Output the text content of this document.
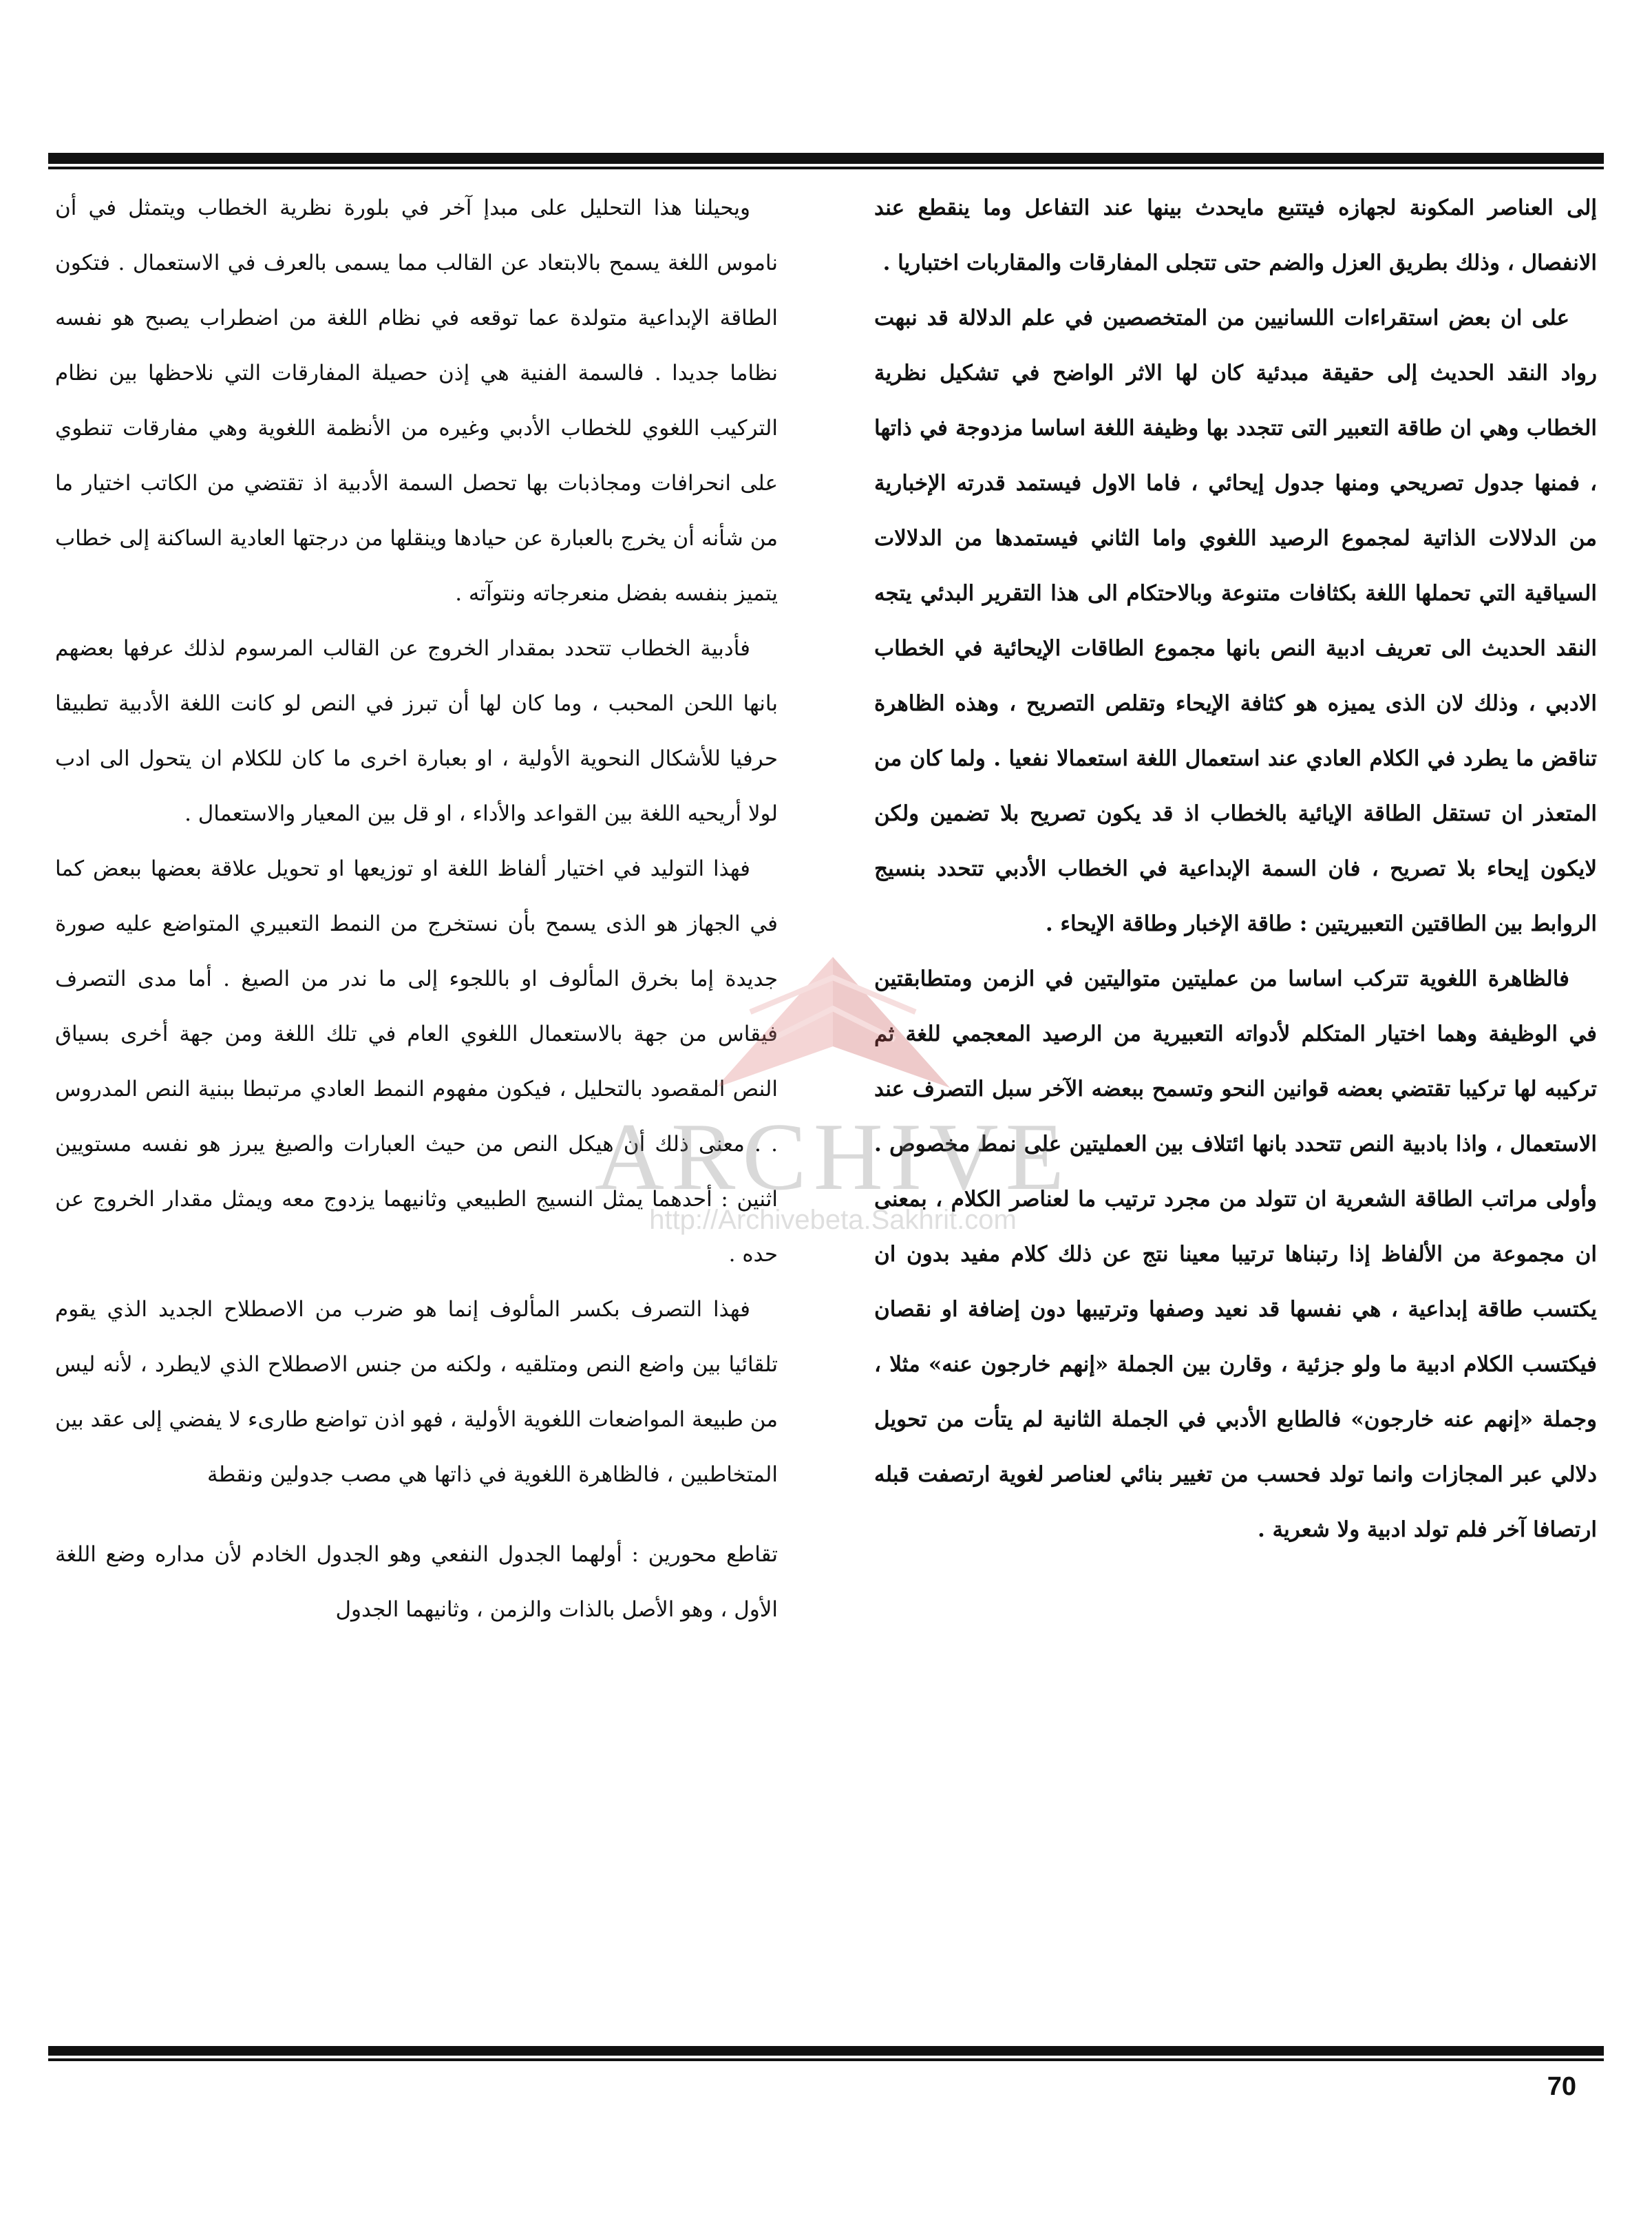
إلى العناصر المكونة لجهازه فيتتبع مايحدث بينها عند التفاعل وما ينقطع عند الانفصال ، وذلك بطريق العزل والضم حتى تتجلى المفارقات والمقاربات اختباريا .

على ان بعض استقراءات اللسانيين من المتخصصين في علم الدلالة قد نبهت رواد النقد الحديث إلى حقيقة مبدئية كان لها الاثر الواضح في تشكيل نظرية الخطاب وهي ان طاقة التعبير التى تتجدد بها وظيفة اللغة اساسا مزدوجة في ذاتها ، فمنها جدول تصريحي ومنها جدول إيحائي ، فاما الاول فيستمد قدرته الإخبارية من الدلالات الذاتية لمجموع الرصيد اللغوي واما الثاني فيستمدها من الدلالات السياقية التي تحملها اللغة بكثافات متنوعة وبالاحتكام الى هذا التقرير البدئي يتجه النقد الحديث الى تعريف ادبية النص بانها مجموع الطاقات الإيحائية في الخطاب الادبي ، وذلك لان الذى يميزه هو كثافة الإيحاء وتقلص التصريح ، وهذه الظاهرة تناقض ما يطرد في الكلام العادي عند استعمال اللغة استعمالا نفعيا . ولما كان من المتعذر ان تستقل الطاقة الإيائية بالخطاب اذ قد يكون تصريح بلا تضمين ولكن لايكون إيحاء بلا تصريح ، فان السمة الإبداعية في الخطاب الأدبي تتحدد بنسيج الروابط بين الطاقتين التعبيريتين : طاقة الإخبار وطاقة الإيحاء .

فالظاهرة اللغوية تتركب اساسا من عمليتين متواليتين في الزمن ومتطابقتين في الوظيفة وهما اختيار المتكلم لأدواته التعبيرية من الرصيد المعجمي للغة ثم تركيبه لها تركيبا تقتضي بعضه قوانين النحو وتسمح ببعضه الآخر سبل التصرف عند الاستعمال ، واذا بادبية النص تتحدد بانها ائتلاف بين العمليتين على نمط مخصوص . وأولى مراتب الطاقة الشعرية ان تتولد من مجرد ترتيب ما لعناصر الكلام ، بمعنى ان مجموعة من الألفاظ إذا رتبناها ترتيبا معينا نتج عن ذلك كلام مفيد بدون ان يكتسب طاقة إبداعية ، هي نفسها قد نعيد وصفها وترتيبها دون إضافة او نقصان فيكتسب الكلام ادبية ما ولو جزئية ، وقارن بين الجملة «إنهم خارجون عنه» مثلا ، وجملة «إنهم عنه خارجون» فالطابع الأدبي في الجملة الثانية لم يتأت من تحويل دلالي عبر المجازات وانما تولد فحسب من تغيير بنائي لعناصر لغوية ارتصفت قبله ارتصافا آخر فلم تولد ادبية ولا شعرية .

ويحيلنا هذا التحليل على مبدإ آخر في بلورة نظرية الخطاب ويتمثل في أن ناموس اللغة يسمح بالابتعاد عن القالب مما يسمى بالعرف في الاستعمال . فتكون الطاقة الإبداعية متولدة عما توقعه في نظام اللغة من اضطراب يصبح هو نفسه نظاما جديدا . فالسمة الفنية هي إذن حصيلة المفارقات التي نلاحظها بين نظام التركيب اللغوي للخطاب الأدبي وغيره من الأنظمة اللغوية وهي مفارقات تنطوي على انحرافات ومجاذبات بها تحصل السمة الأدبية اذ تقتضي من الكاتب اختيار ما من شأنه أن يخرج بالعبارة عن حيادها وينقلها من درجتها العادية الساكنة إلى خطاب يتميز بنفسه بفضل منعرجاته ونتوآته .

فأدبية الخطاب تتحدد بمقدار الخروج عن القالب المرسوم لذلك عرفها بعضهم بانها اللحن المحبب ، وما كان لها أن تبرز في النص لو كانت اللغة الأدبية تطبيقا حرفيا للأشكال النحوية الأولية ، او بعبارة اخرى ما كان للكلام ان يتحول الى ادب لولا أريحيه اللغة بين القواعد والأداء ، او قل بين المعيار والاستعمال .

فهذا التوليد في اختيار ألفاظ اللغة او توزيعها او تحويل علاقة بعضها ببعض كما في الجهاز هو الذى يسمح بأن نستخرج من النمط التعبيري المتواضع عليه صورة جديدة إما بخرق المألوف او باللجوء إلى ما ندر من الصيغ . أما مدى التصرف فيقاس من جهة بالاستعمال اللغوي العام في تلك اللغة ومن جهة أخرى بسياق النص المقصود بالتحليل ، فيكون مفهوم النمط العادي مرتبطا ببنية النص المدروس . . معنى ذلك أن هيكل النص من حيث العبارات والصيغ يبرز هو نفسه مستويين اثنين : أحدهما يمثل النسيج الطبيعي وثانيهما يزدوج معه ويمثل مقدار الخروج عن حده .

فهذا التصرف بكسر المألوف إنما هو ضرب من الاصطلاح الجديد الذي يقوم تلقائيا بين واضع النص ومتلقيه ، ولكنه من جنس الاصطلاح الذي لايطرد ، لأنه ليس من طبيعة المواضعات اللغوية الأولية ، فهو اذن تواضع طارىء لا يفضي إلى عقد بين المتخاطبين ، فالظاهرة اللغوية في ذاتها هي مصب جدولين ونقطة

تقاطع محورين : أولهما الجدول النفعي وهو الجدول الخادم لأن مداره وضع اللغة الأول ، وهو الأصل بالذات والزمن ، وثانيهما الجدول

ARCHIVE
http://Archivebeta.Sakhrit.com
70
